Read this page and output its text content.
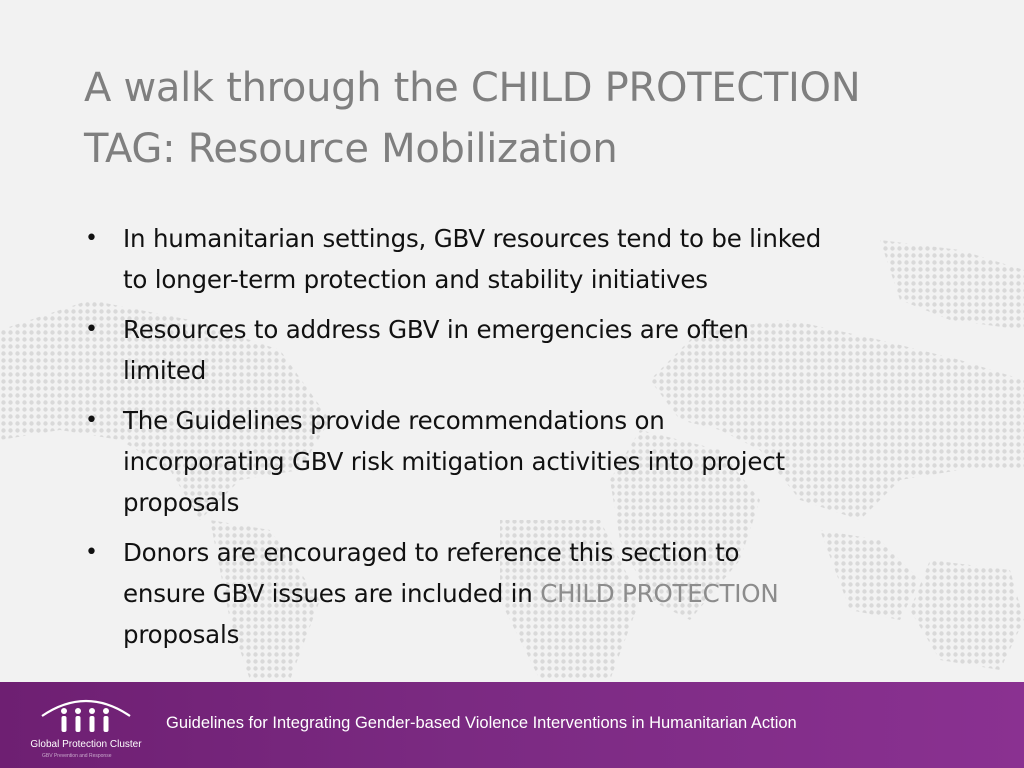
A walk through the CHILD PROTECTION
TAG: Resource Mobilization
• In humanitarian settings, GBV resources tend to be linked
to longer-term protection and stability initiatives
• Resources to address GBV in emergencies are often
limited
• The Guidelines provide recommendations on
incorporating GBV risk mitigation activities into project
proposals
• Donors are encouraged to reference this section to
ensure GBV issues are included in CHILD PROTECTION
proposals
Global Protection Cluster
GBV Prevention and Response
Guidelines for Integrating Gender-based Violence Interventions in Humanitarian Action
